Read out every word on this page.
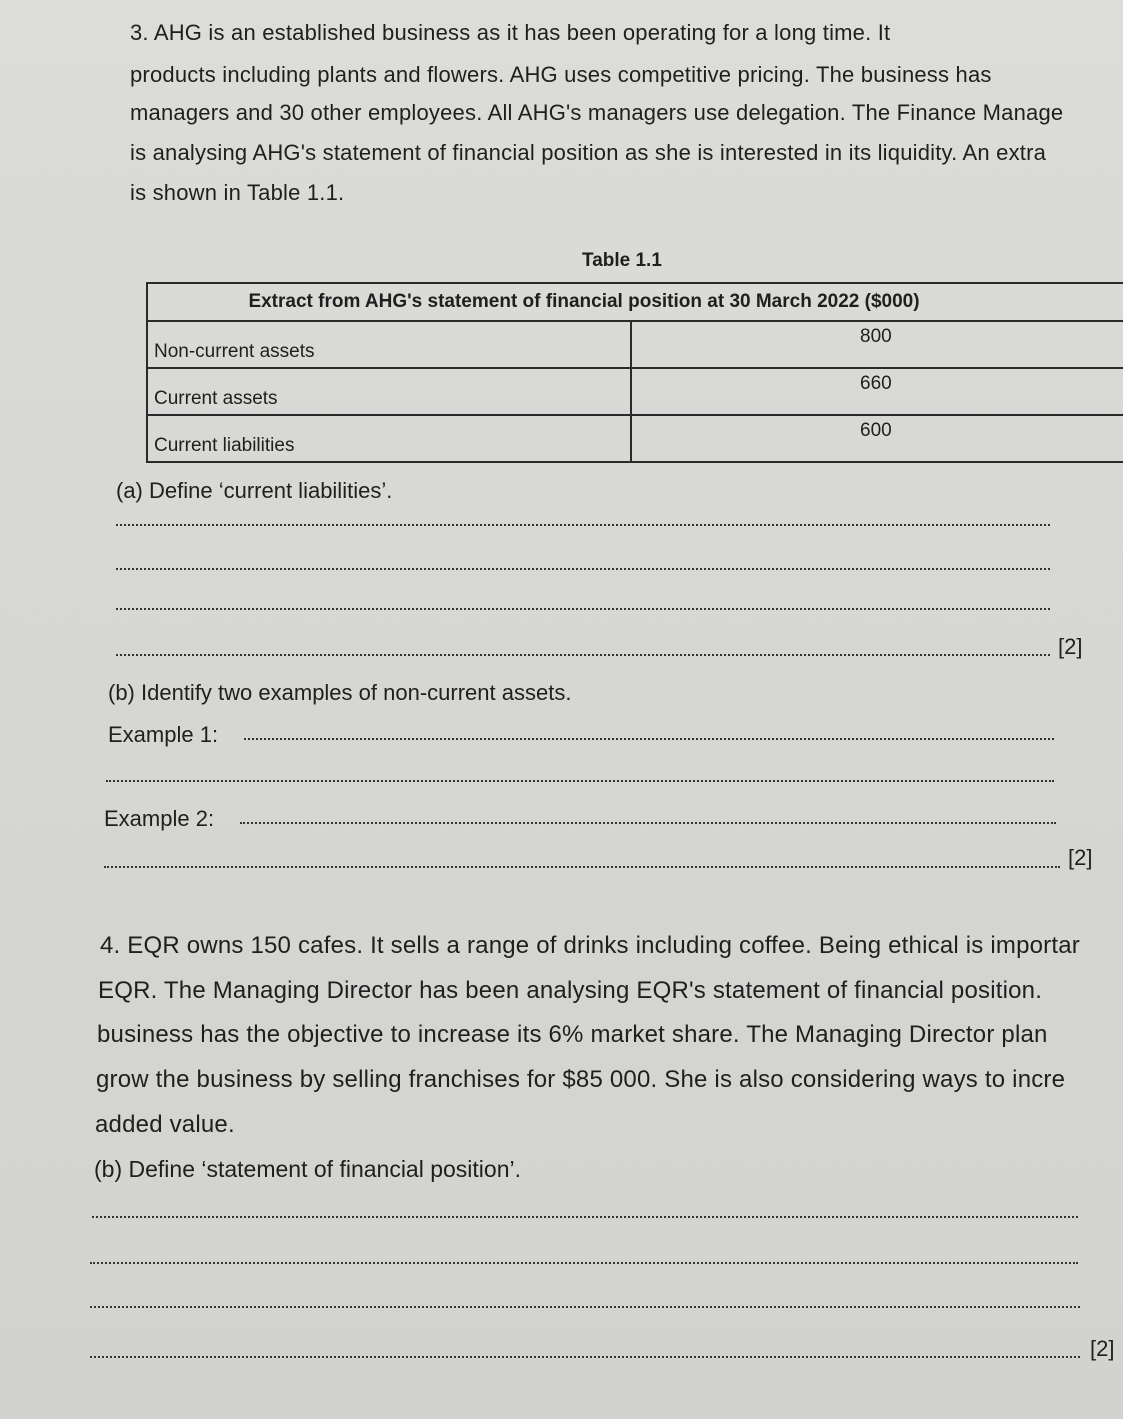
3. AHG is an established business as it has been operating for a long time. It
products including plants and flowers. AHG uses competitive pricing. The business has
managers and 30 other employees. All AHG's managers use delegation. The Finance Manage
is analysing AHG's statement of financial position as she is interested in its liquidity. An extra
is shown in Table 1.1.
Table 1.1
Extract from AHG's statement of financial position at 30 March 2022 ($000)	
Non-current assets	800
Current assets	660
Current liabilities	600
(a) Define ‘current liabilities’.
[2]
(b) Identify two examples of non-current assets.
Example 1:
Example 2:
[2]
4. EQR owns 150 cafes. It sells a range of drinks including coffee. Being ethical is importar
EQR. The Managing Director has been analysing EQR's statement of financial position.
business has the objective to increase its 6% market share. The Managing Director plan
grow the business by selling franchises for $85 000. She is also considering ways to incre
added value.
(b) Define ‘statement of financial position’.
[2]
